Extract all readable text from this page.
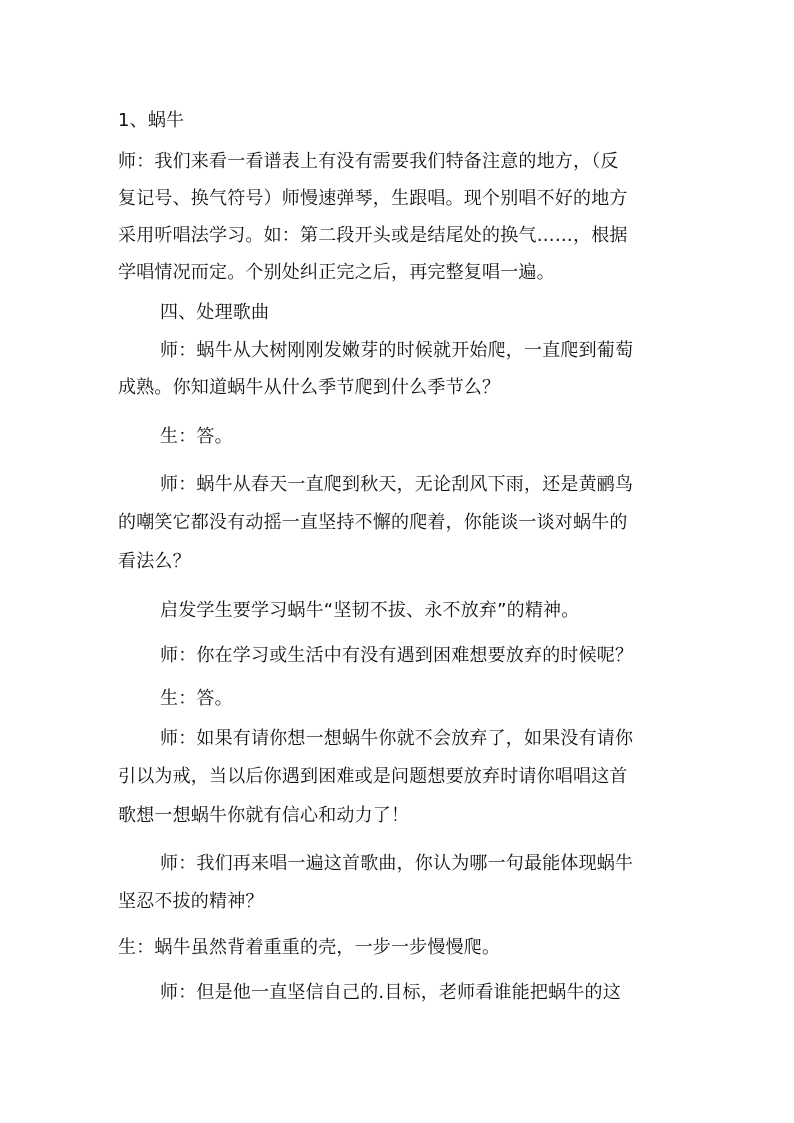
1、蜗牛
师：我们来看一看谱表上有没有需要我们特备注意的地方，（反
复记号、换气符号）师慢速弹琴，生跟唱。现个别唱不好的地方
采用听唱法学习。如：第二段开头或是结尾处的换气……，根据
学唱情况而定。个别处纠正完之后，再完整复唱一遍。
四、处理歌曲
师：蜗牛从大树刚刚发嫩芽的时候就开始爬，一直爬到葡萄
成熟。你知道蜗牛从什么季节爬到什么季节么？
生：答。
师：蜗牛从春天一直爬到秋天，无论刮风下雨，还是黄鹂鸟
的嘲笑它都没有动摇一直坚持不懈的爬着，你能谈一谈对蜗牛的
看法么？
启发学生要学习蜗牛“坚韧不拔、永不放弃”的精神。
师：你在学习或生活中有没有遇到困难想要放弃的时候呢？
生：答。
师：如果有请你想一想蜗牛你就不会放弃了，如果没有请你
引以为戒，当以后你遇到困难或是问题想要放弃时请你唱唱这首
歌想一想蜗牛你就有信心和动力了！
师：我们再来唱一遍这首歌曲，你认为哪一句最能体现蜗牛
坚忍不拔的精神？
生：蜗牛虽然背着重重的壳，一步一步慢慢爬。
师：但是他一直坚信自己的.目标，老师看谁能把蜗牛的这
